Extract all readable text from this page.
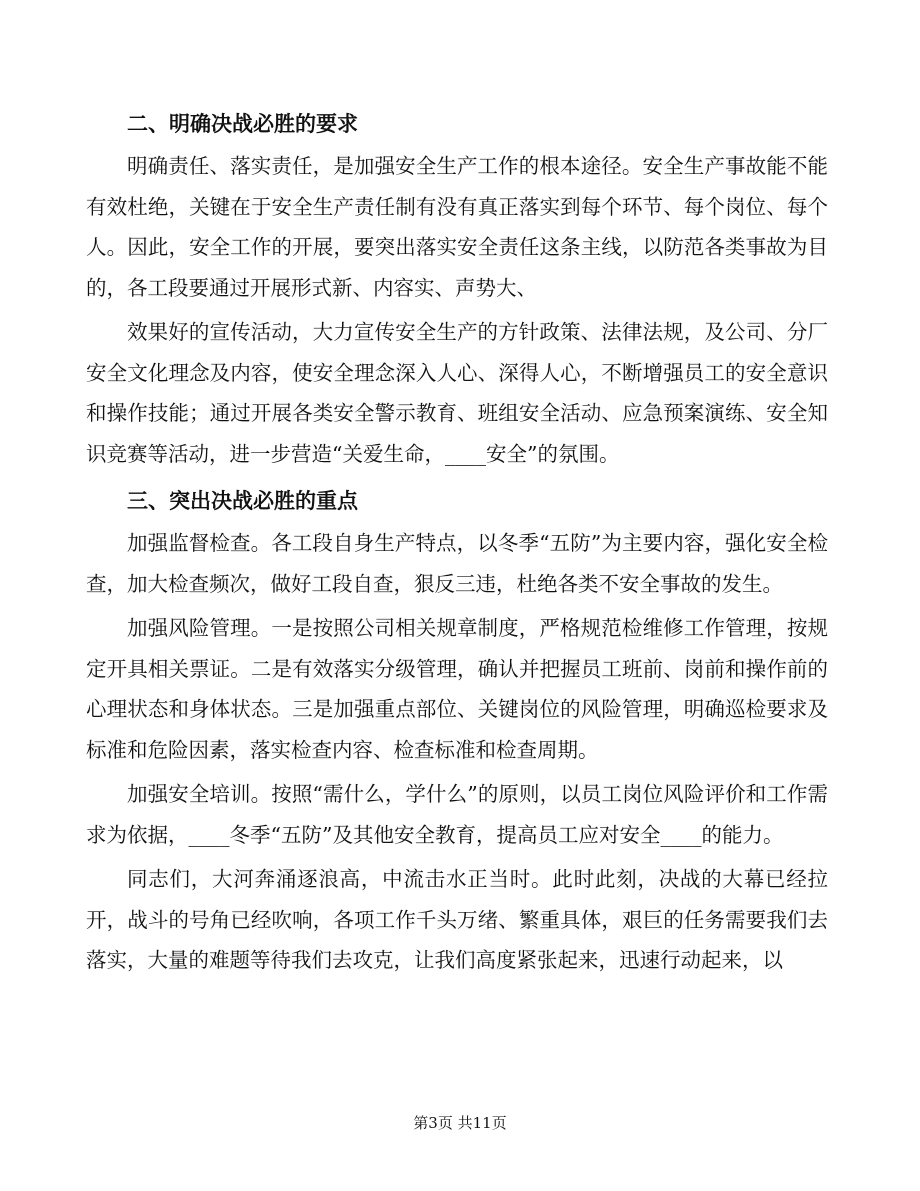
二、明确决战必胜的要求

明确责任、落实责任，是加强安全生产工作的根本途径。安全生产事故能不能有效杜绝，关键在于安全生产责任制有没有真正落实到每个环节、每个岗位、每个人。因此，安全工作的开展，要突出落实安全责任这条主线，以防范各类事故为目的，各工段要通过开展形式新、内容实、声势大、

效果好的宣传活动，大力宣传安全生产的方针政策、法律法规，及公司、分厂安全文化理念及内容，使安全理念深入人心、深得人心，不断增强员工的安全意识和操作技能；通过开展各类安全警示教育、班组安全活动、应急预案演练、安全知识竞赛等活动，进一步营造“关爱生命，____安全”的氛围。

三、突出决战必胜的重点

加强监督检查。各工段自身生产特点，以冬季“五防”为主要内容，强化安全检查，加大检查频次，做好工段自查，狠反三违，杜绝各类不安全事故的发生。

加强风险管理。一是按照公司相关规章制度，严格规范检维修工作管理，按规定开具相关票证。二是有效落实分级管理，确认并把握员工班前、岗前和操作前的心理状态和身体状态。三是加强重点部位、关键岗位的风险管理，明确巡检要求及标准和危险因素，落实检查内容、检查标准和检查周期。

加强安全培训。按照“需什么，学什么”的原则，以员工岗位风险评价和工作需求为依据，____冬季“五防”及其他安全教育，提高员工应对安全____的能力。

同志们，大河奔涌逐浪高，中流击水正当时。此时此刻，决战的大幕已经拉开，战斗的号角已经吹响，各项工作千头万绪、繁重具体，艰巨的任务需要我们去落实，大量的难题等待我们去攻克，让我们高度紧张起来，迅速行动起来，以

第3页 共11页
